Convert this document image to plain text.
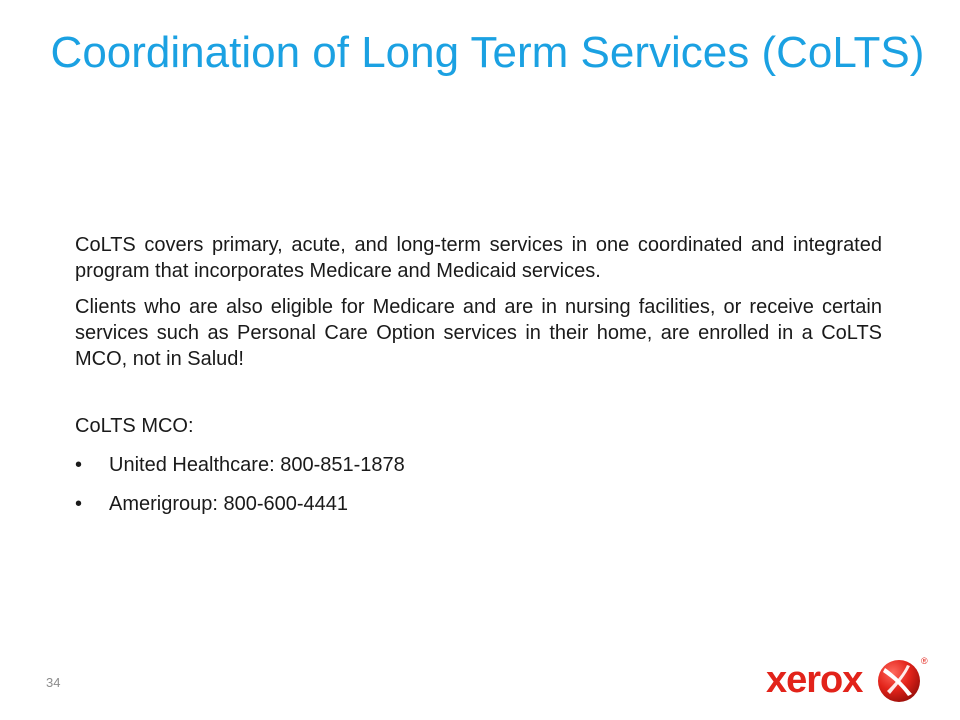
Coordination of Long Term Services (CoLTS)

CoLTS covers primary, acute, and long-term services in one coordinated and integrated program that incorporates Medicare and Medicaid services.

Clients who are also eligible for Medicare and are in nursing facilities, or receive certain services such as Personal Care Option services in their home, are enrolled in a CoLTS MCO, not in Salud!

CoLTS MCO:
• United Healthcare: 800-851-1878
• Amerigroup: 800-600-4441
34	xerox	®
